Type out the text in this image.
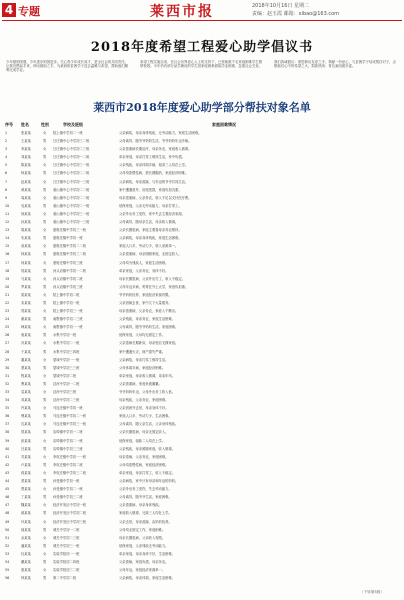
4 专题	莱西市报	2018年10月16日 星期二
责编：赵玉霞 邮箱：xibao@163.com
2018年度希望工程爱心助学倡议书
少年强则国强，少年进步则国进步。关心青少年成长成才，是全社会的共同责任。让我们携起手来，伸出援助之手，为莱西的贫困学子送去温暖与希望，帮助他们顺利完成学业。
希望工程实施以来，在社会各界爱心人士的支持下，已资助数千名家庭困难学生圆梦校园。今年仍有部分品学兼优的学生因家庭困难面临学业困境，急需社会关爱。
我们真诚倡议：请您伸出友爱之手，奉献一份爱心，与贫困学子结成帮扶对子，点燃他们心中的希望之火。捐款热线：青岛莱西团市委。
莱西市2018年度爱心助学部分帮扶对象名单
序号 姓名	性别	学校及班级	家庭困难情况
1	张某某	女	院上镇中学初二一班	父亲病故，母亲身体残疾，无劳动能力，家庭生活困难。
2	王某某	男	日庄镇中心中学初三二班	父母离异，随爷爷奶奶生活，爷爷奶奶年迈多病。
3	李某某	女	日庄镇中心中学初二三班	父亲患重病长期治疗，母亲务农，家庭收入微薄。
4	刘某某	男	日庄镇中心中学初一二班	单亲家庭，母亲打零工维持生活，家中负债。
5	陈某某	女	日庄镇中心中学初三一班	父亲残疾，母亲体弱多病，姐弟三人均在上学。
6	杨某某	男	日庄镇中心中学初二二班	父母均患慢性病，需长期服药，家庭经济困难。
7	赵某某	女	日庄镇中心中学初一三班	父亲病故，母亲改嫁，与年迈的爷爷共同生活。
8	黄某某	男	姜山镇中心中学初二二班	家中遭遇意外，房屋受损，家庭负担沉重。
9	周某某	女	姜山镇中心中学初二二班	母亲患重病，父亲务农，收入不足以支付医疗费。
10	吴某某	男	姜山镇中心中学初二一班	低保家庭，父亲无劳动能力，母亲打零工。
11	徐某某	女	姜山镇中心中学初三一班	父亲外出务工受伤，家中失去主要经济来源。
12	孙某某	男	姜山镇中心中学初一三班	父母离异，随母亲生活，母亲收入微薄。
13	胡某某	女	夏格庄镇中学初三一班	父亲长期患病，家庭主要靠母亲务农维持。
14	朱某某	男	夏格庄镇中学初一班	父亲病故，母亲身体残疾，家庭生活困难。
15	高某某	女	夏格庄镇中学初二二班	家庭人口多，劳动力少，收入来源单一。
16	林某某	男	夏格庄镇中学初三二班	父亲患重病，母亲照顾家庭，无固定收入。
17	何某某	女	夏格庄镇中学初三班	父母均为残疾人，家庭生活困难。
18	郭某某	男	河头店镇中学初一二班	单亲家庭，父亲务农，身体不好。
19	马某某	女	河头店镇中学初二班	母亲长期患病，父亲外出打工，收入不稳定。
20	罗某某	男	河头店镇中学初三班	父母年迈多病，哥哥在外上大学，家庭负担重。
21	梁某某	女	院上镇中学初二班	爷爷奶奶抚养，家庭经济来源有限。
22	宋某某	男	院上镇中学初一班	父亲因病去世，家中欠下大量债务。
23	郑某某	女	院上镇中学初三一班	母亲患重病，父亲务农，家庭入不敷出。
24	谢某某	男	南墅镇中学初二三班	父亲残疾，母亲务农，家庭生活困难。
25	韩某某	女	南墅镇中学初一一班	父母离异，随爷爷奶奶生活，家庭困难。
26	唐某某	男	水集中学初一班	低保家庭，父母均无固定工作。
27	冯某某	女	水集中学初二一班	父亲患病长期卧床，母亲独自支撑家庭。
28	于某某	男	水集中学初三四班	家中遭遇火灾，财产损失严重。
29	董某某	女	望城中学初一一班	父亲病故，母亲打零工维持生活。
30	萧某某	男	望城中学初三三班	父母体弱多病，家庭经济困难。
31	程某某	女	望城中学初二班	单亲家庭，母亲收入微薄，弟弟年幼。
32	曹某某	男	沽河中学初一二班	父亲患重病，家庭负债累累。
33	袁某某	女	沽河中学初三班	爷爷奶奶年迈，父母外出务工收入低。
34	邓某某	男	沽河中学初二三班	母亲残疾，父亲务农，家庭困难。
35	许某某	女	马连庄镇中学初一班	父亲因意外去世，母亲身体不好。
36	傅某某	男	马连庄镇中学初二一班	家庭人口多，劳动力少，生活困难。
37	沈某某	女	马连庄镇中学初三一班	父母离异，随父亲生活，父亲身体残疾。
38	曾某某	男	店埠镇中学初一二班	父亲长期患病，母亲无固定收入。
39	彭某某	女	店埠镇中学初二一班	低保家庭，姐妹二人均在上学。
40	吕某某	男	店埠镇中学初三三班	父亲残疾，母亲照顾家庭，收入微薄。
41	苏某某	女	李权庄镇中学初一一班	母亲患病，父亲务农，家庭困难。
42	卢某某	男	李权庄镇中学初二班	父母均患慢性病，家庭经济困难。
43	蒋某某	女	李权庄镇中学初三二班	单亲家庭，母亲打零工，收入不稳定。
44	蔡某某	男	孙受镇中学初一班	父亲病故，家中只有母亲和年迈的奶奶。
45	贾某某	女	孙受镇中学初二一班	父亲外出务工受伤，失去劳动能力。
46	丁某某	男	孙受镇中学初三二班	父母离异，随爷爷生活，家庭困难。
47	魏某某	女	经济开发区中学初一班	父亲患重病，母亲身体残疾。
48	薛某某	男	经济开发区中学初二班	家庭收入微薄，兄妹三人均在上学。
49	叶某某	女	经济开发区中学初三班	父亲去世，母亲改嫁，由奶奶抚养。
50	阎某某	男	城关中学初一二班	父母均无固定工作，家庭困难。
51	余某某	女	城关中学初二三班	母亲长期患病，父亲收入有限。
52	潘某某	男	城关中学初三一班	低保家庭，父亲残疾无劳动能力。
53	杜某某	女	实验学校初一一班	单亲家庭，母亲身体不好，生活困难。
54	戴某某	男	实验学校初二四班	父亲患病，家庭负债，母亲务农。
55	夏某某	女	实验学校初三二班	父母年迈，家庭经济来源单一。
56	钟某某	男	第二中学初二班	父亲病故，母亲体弱，家庭生活困难。
（下转第5版）
